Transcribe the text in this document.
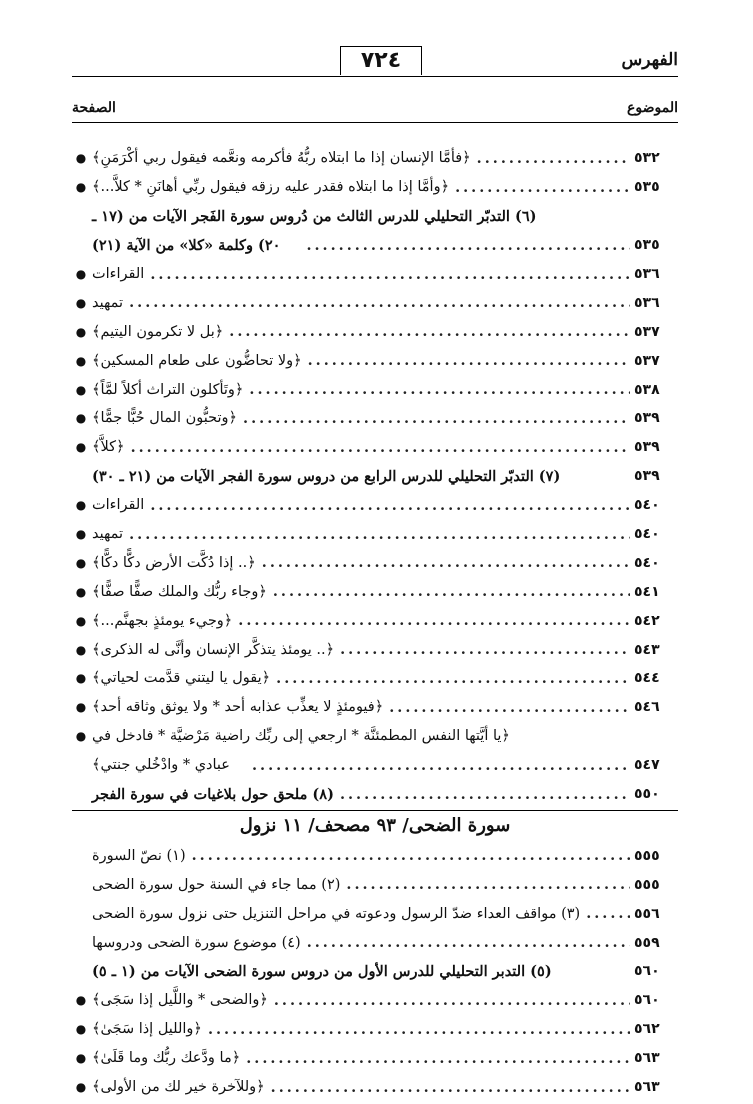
الفهرس
٧٢٤
الموضوع
الصفحة
● ﴿فأمَّا الإنسان إذا ما ابتلاه ربُّهُ فأكرمه ونعَّمه فيقول ربي أكْرَمَنِ﴾ .....	٥٣٢
● ﴿وأمَّا إذا ما ابتلاه فقدر عليه رزقه فيقول ربِّي أهانَنِ * كلاَّ...﴾ .....	٥٣٥
(٦) التدبّر التحليلي للدرس الثالث من دُروس سورة الفَجر الآيات من (١٧ ـ
٢٠) وكلمة «كلا» من الآية (٢١) .....	٥٣٥
● القراءات .....	٥٣٦
● تمهيد .....	٥٣٦
● ﴿بل لا تكرمون اليتيم﴾ .....	٥٣٧
● ﴿ولا تحاضُّون على طعام المسكين﴾ .....	٥٣٧
● ﴿وتَأكلون التراث أكلاً لمَّاً﴾ .....	٥٣٨
● ﴿وتحبُّون المال حُبًّا جمًّا﴾ .....	٥٣٩
● ﴿كلاَّ﴾ .....	٥٣٩
(٧) التدبّر التحليلي للدرس الرابع من دروس سورة الفجر الآيات من (٢١ ـ ٣٠)	٥٣٩
● القراءات .....	٥٤٠
● تمهيد .....	٥٤٠
● ﴿.. إذا دُكَّت الأرض دكًّا دكًّا﴾ .....	٥٤٠
● ﴿وجاء ربُّك والملك صفًّا صفًّا﴾ .....	٥٤١
● ﴿وجيء يومئذٍ بجهنَّم...﴾ .....	٥٤٢
● ﴿.. يومئذ يتذكَّر الإنسان وأنَّى له الذكرى﴾ .....	٥٤٣
● ﴿يقول يا ليتني قدَّمت لحياتي﴾ .....	٥٤٤
● ﴿فيومئذٍ لا يعذِّب عذابه أحد * ولا يوثق وثاقه أحد﴾ .....	٥٤٦
● ﴿يا أيَّتها النفس المطمئنَّة * ارجعي إلى ربِّك راضية مَرْضيَّة * فادخل في
عبادي * وادْخُلي جنتي﴾ .....	٥٤٧
(٨) ملحق حول بلاغيات في سورة الفجر .....	٥٥٠
سورة الضحى/ ٩٣ مصحف/ ١١ نزول
(١) نصّ السورة .....	٥٥٥
(٢) مما جاء في السنة حول سورة الضحى .....	٥٥٥
(٣) مواقف العداء ضدّ الرسول ودعوته في مراحل التنزيل حتى نزول سورة الضحى .....	٥٥٦
(٤) موضوع سورة الضحى ودروسها .....	٥٥٩
(٥) التدبر التحليلي للدرس الأول من دروس سورة الضحى الآيات من (١ ـ ٥)	٥٦٠
● ﴿والضحى * واللَّيل إذا سَجَى﴾ .....	٥٦٠
● ﴿والليل إذا سَجَىٰ﴾ .....	٥٦٢
● ﴿ما ودَّعك ربُّك وما قَلَىٰ﴾ .....	٥٦٣
● ﴿وللآخرة خير لك من الأولى﴾ .....	٥٦٣
